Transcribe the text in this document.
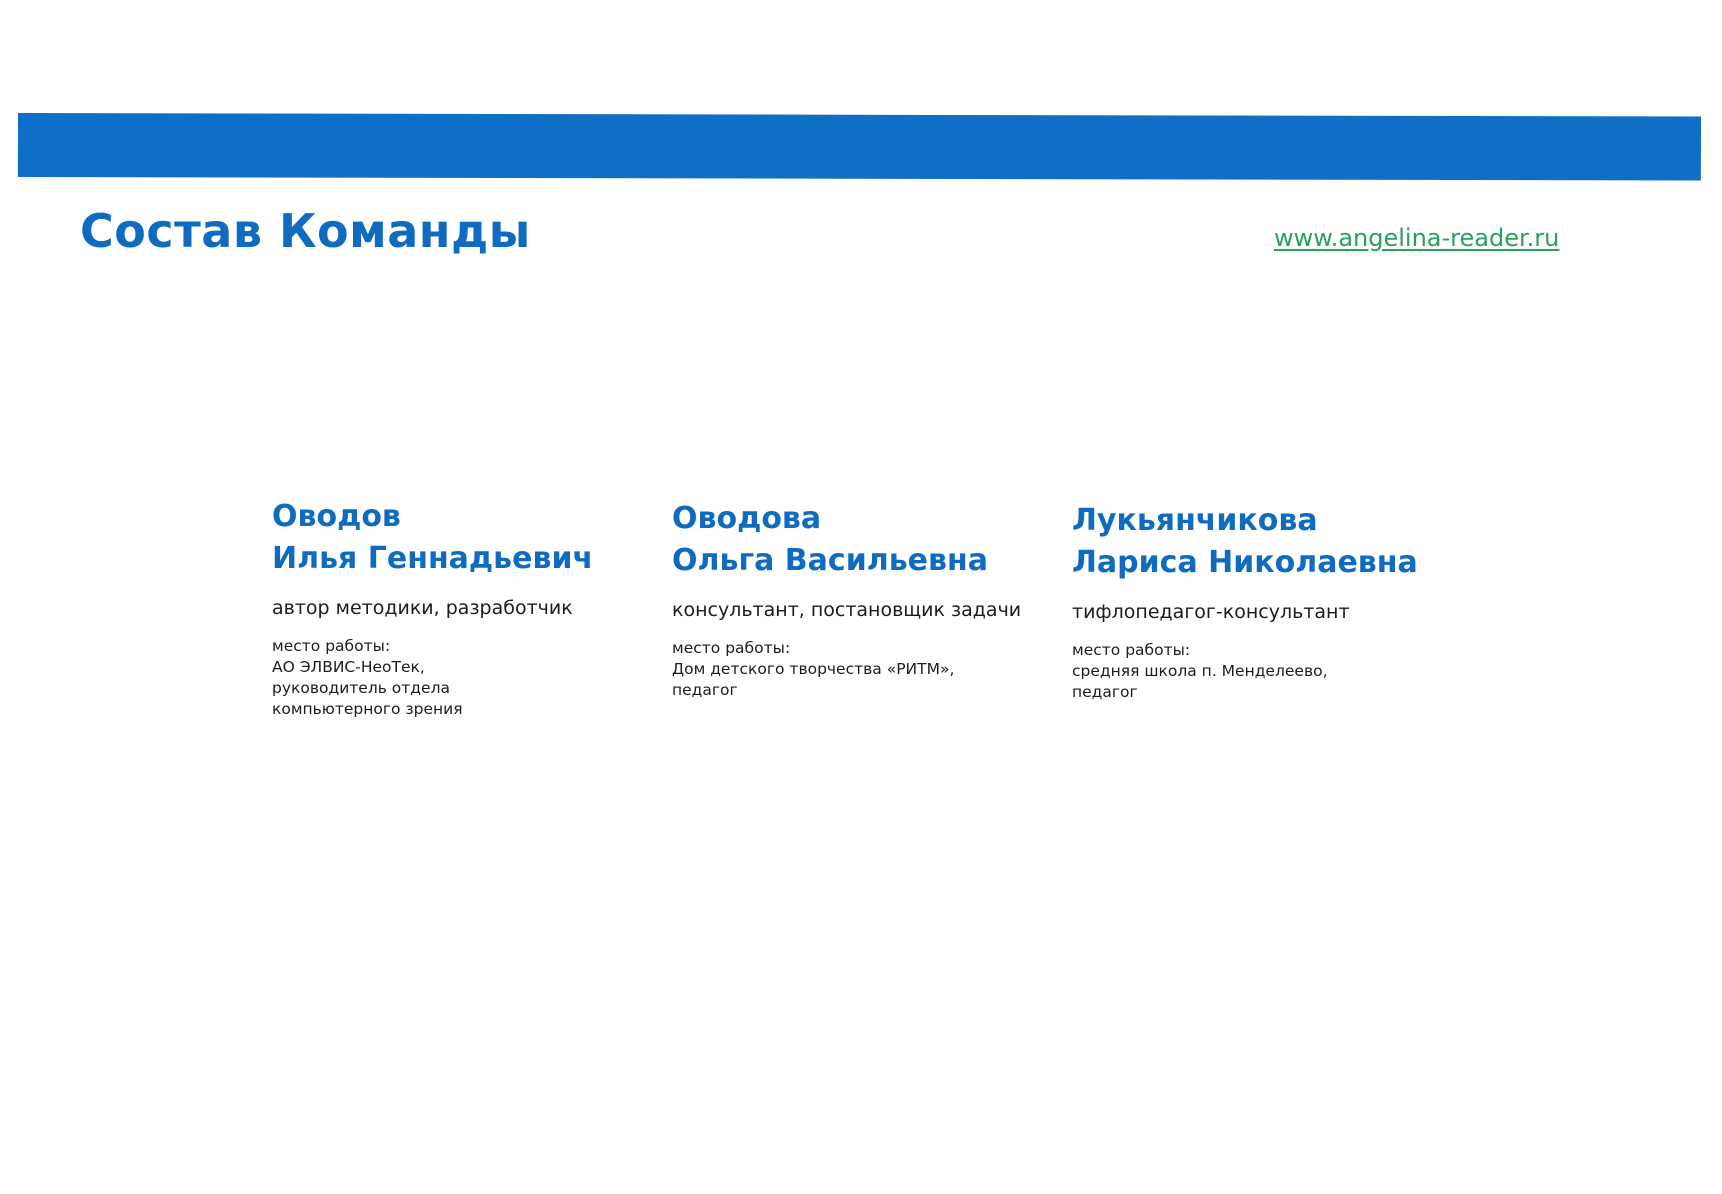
Состав Команды	www.angelina-reader.ru
Оводов
Илья Геннадьевич
автор методики, разработчик
место работы:
АО ЭЛВИС-НеоТек,
руководитель отдела
компьютерного зрения
Оводова
Ольга Васильевна
консультант, постановщик задачи
место работы:
Дом детского творчества «РИТМ»,
педагог
Лукьянчикова
Лариса Николаевна
тифлопедагог-консультант
место работы:
средняя школа п. Менделеево,
педагог
